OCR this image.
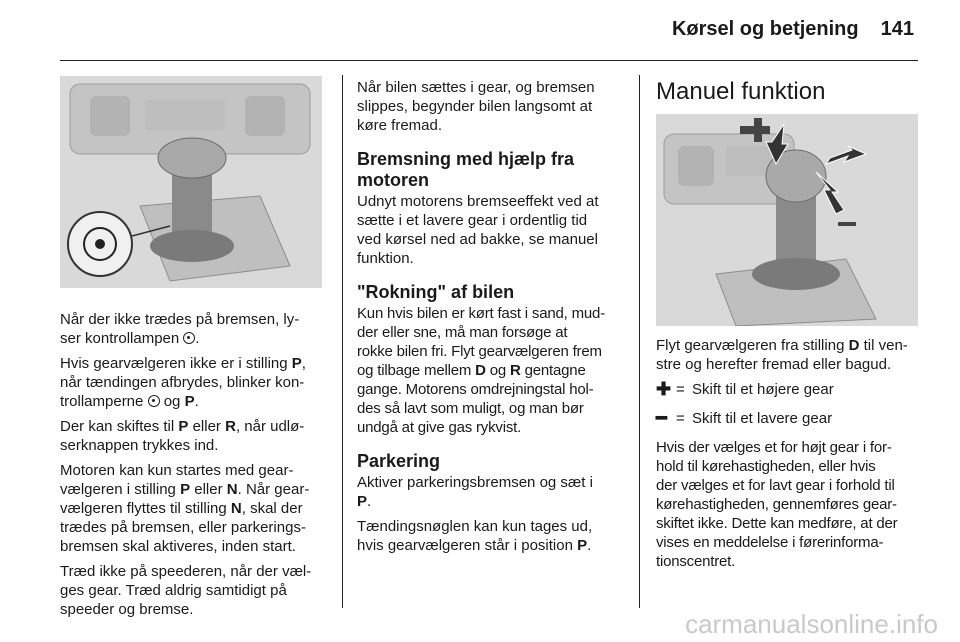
Kørsel og betjening 141

Når der ikke trædes på bremsen, ly-
ser kontrollampen .

Hvis gearvælgeren ikke er i stilling P,
når tændingen afbrydes, blinker kon-
trollamperne og P.

Der kan skiftes til P eller R, når udlø-
serknappen trykkes ind.

Motoren kan kun startes med gear-
vælgeren i stilling P eller N. Når gear-
vælgeren flyttes til stilling N, skal der
trædes på bremsen, eller parkerings-
bremsen skal aktiveres, inden start.

Træd ikke på speederen, når der væl-
ges gear. Træd aldrig samtidigt på
speeder og bremse.

Når bilen sættes i gear, og bremsen
slippes, begynder bilen langsomt at
køre fremad.

Bremsning med hjælp fra
motoren

Udnyt motorens bremseeffekt ved at
sætte i et lavere gear i ordentlig tid
ved kørsel ned ad bakke, se manuel
funktion.

"Rokning" af bilen

Kun hvis bilen er kørt fast i sand, mud-
der eller sne, må man forsøge at
rokke bilen fri. Flyt gearvælgeren frem
og tilbage mellem D og R gentagne
gange. Motorens omdrejningstal hol-
des så lavt som muligt, og man bør
undgå at give gas rykvist.

Parkering

Aktiver parkeringsbremsen og sæt i
P.

Tændingsnøglen kan kun tages ud,
hvis gearvælgeren står i position P.

Manuel funktion

Flyt gearvælgeren fra stilling D til ven-
stre og herefter fremad eller bagud.

✚ = Skift til et højere gear
━ = Skift til et lavere gear

Hvis der vælges et for højt gear i for-
hold til kørehastigheden, eller hvis
der vælges et for lavt gear i forhold til
kørehastigheden, gennemføres gear-
skiftet ikke. Dette kan medføre, at der
vises en meddelelse i førerinforma-
tionscentret.

carmanualsonline.info
